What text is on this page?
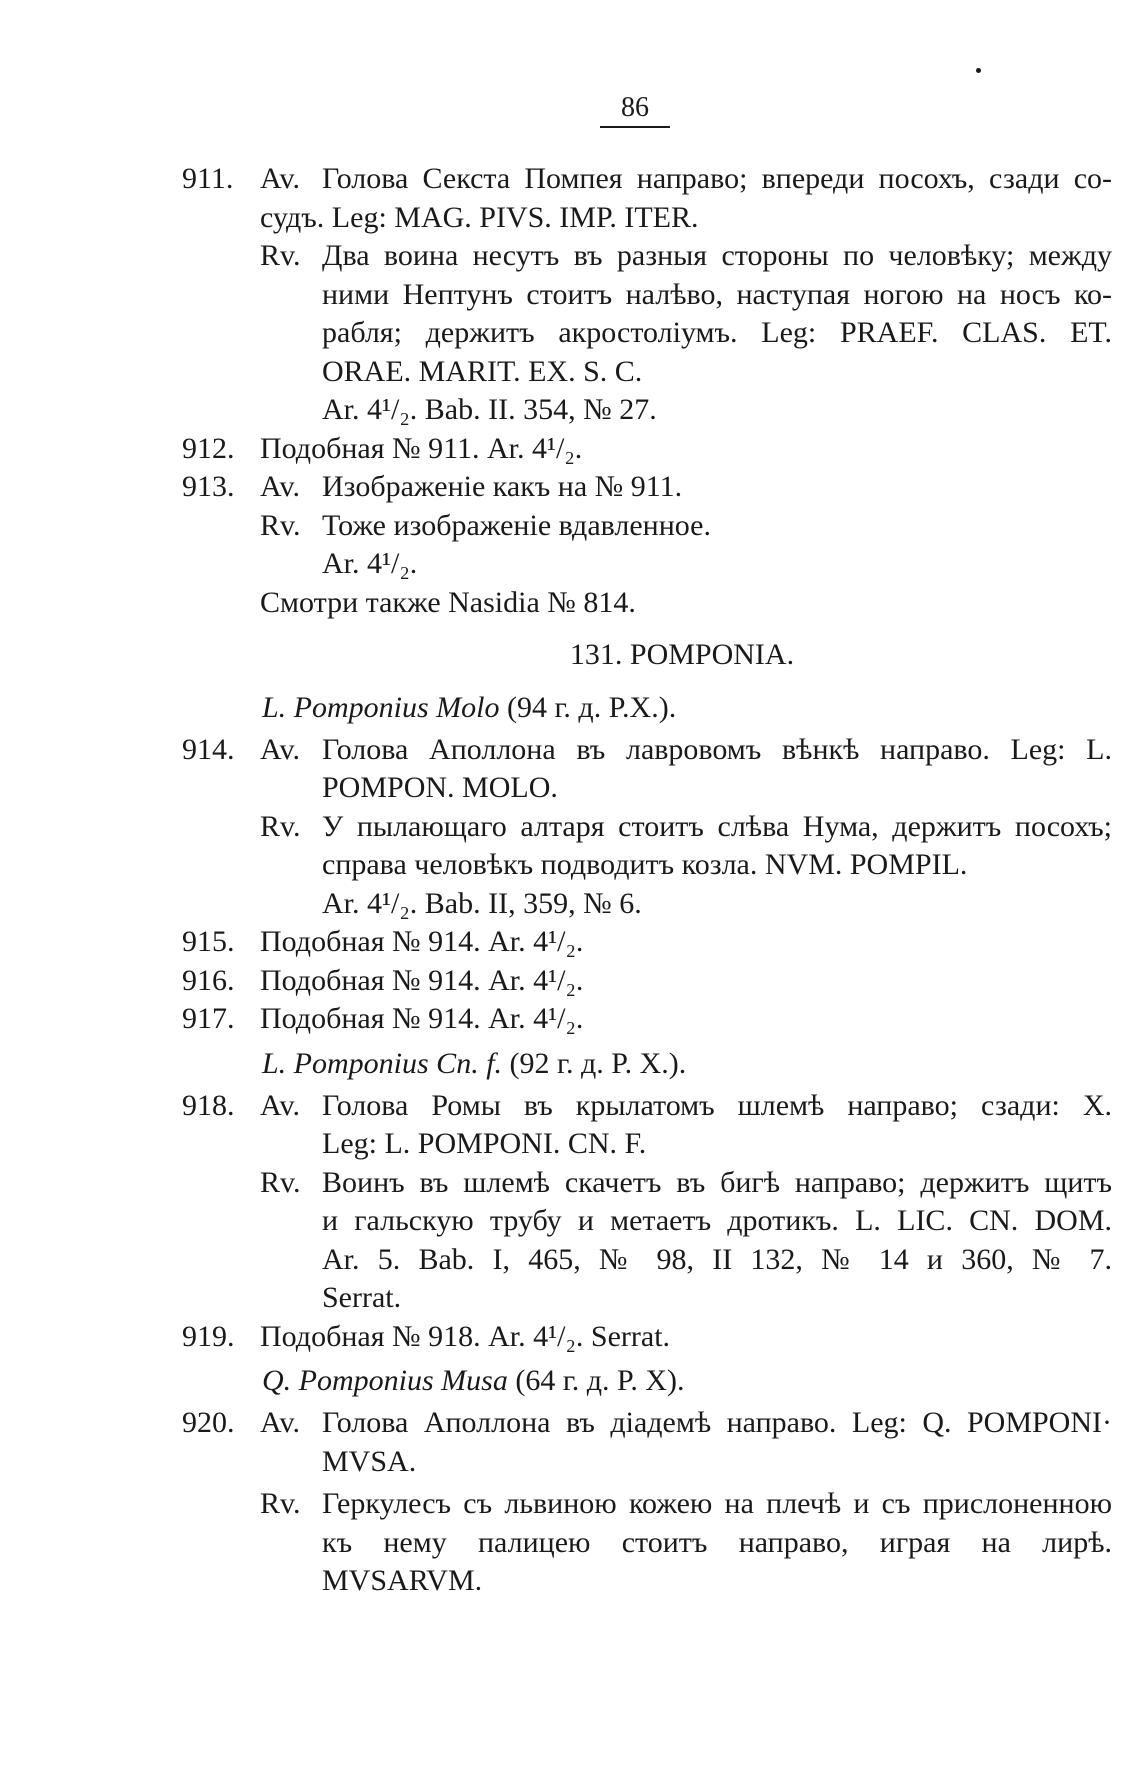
86
911. Av. Голова Секста Помпея направо; впереди посохъ, сзади со-
судъ. Leg: MAG. PIVS. IMP. ITER.
Rv. Два воина несутъ въ разныя стороны по человѣку; между
ними Нептунъ стоитъ налѣво, наступая ногою на носъ ко-
рабля; держитъ акростоліумъ. Leg: PRAEF. CLAS. ET.
ORAE. MARIT. EX. S. C.
Ar. 4¹/₂. Bab. II. 354, № 27.
912. Подобная № 911. Ar. 4¹/₂.
913. Av. Изображеніе какъ на № 911.
Rv. Тоже изображеніе вдавленное.
Ar. 4¹/₂.
Смотри также Nasidia № 814.
131. POMPONIA.
L. Pomponius Molo (94 г. д. P.X.).
914. Av. Голова Аполлона въ лавровомъ вѣнкѣ направо. Leg: L.
POMPON. MOLO.
Rv. У пылающаго алтаря стоитъ слѣва Нума, держитъ посохъ;
справа человѣкъ подводитъ козла. NVM. POMPIL.
Ar. 4¹/₂. Bab. II, 359, № 6.
915. Подобная № 914. Ar. 4¹/₂.
916. Подобная № 914. Ar. 4¹/₂.
917. Подобная № 914. Ar. 4¹/₂.
L. Pomponius Cn. f. (92 г. д. P. X.).
918. Av. Голова Ромы въ крылатомъ шлемѣ направо; сзади: X.
Leg: L. POMPONI. CN. F.
Rv. Воинъ въ шлемѣ скачетъ въ бигѣ направо; держитъ щитъ
и гальскую трубу и метаетъ дротикъ. L. LIC. CN. DOM.
Ar. 5. Bab. I, 465, № 98, II 132, № 14 и 360, № 7.
Serrat.
919. Подобная № 918. Ar. 4¹/₂. Serrat.
Q. Pomponius Musa (64 г. д. P. X).
920. Av. Голова Аполлона въ діадемѣ направо. Leg: Q. POMPONI·
MVSA.
Rv. Геркулесъ съ львиною кожею на плечѣ и съ прислоненною
къ нему палицею стоитъ направо, играя на лирѣ.
MVSARVM.
